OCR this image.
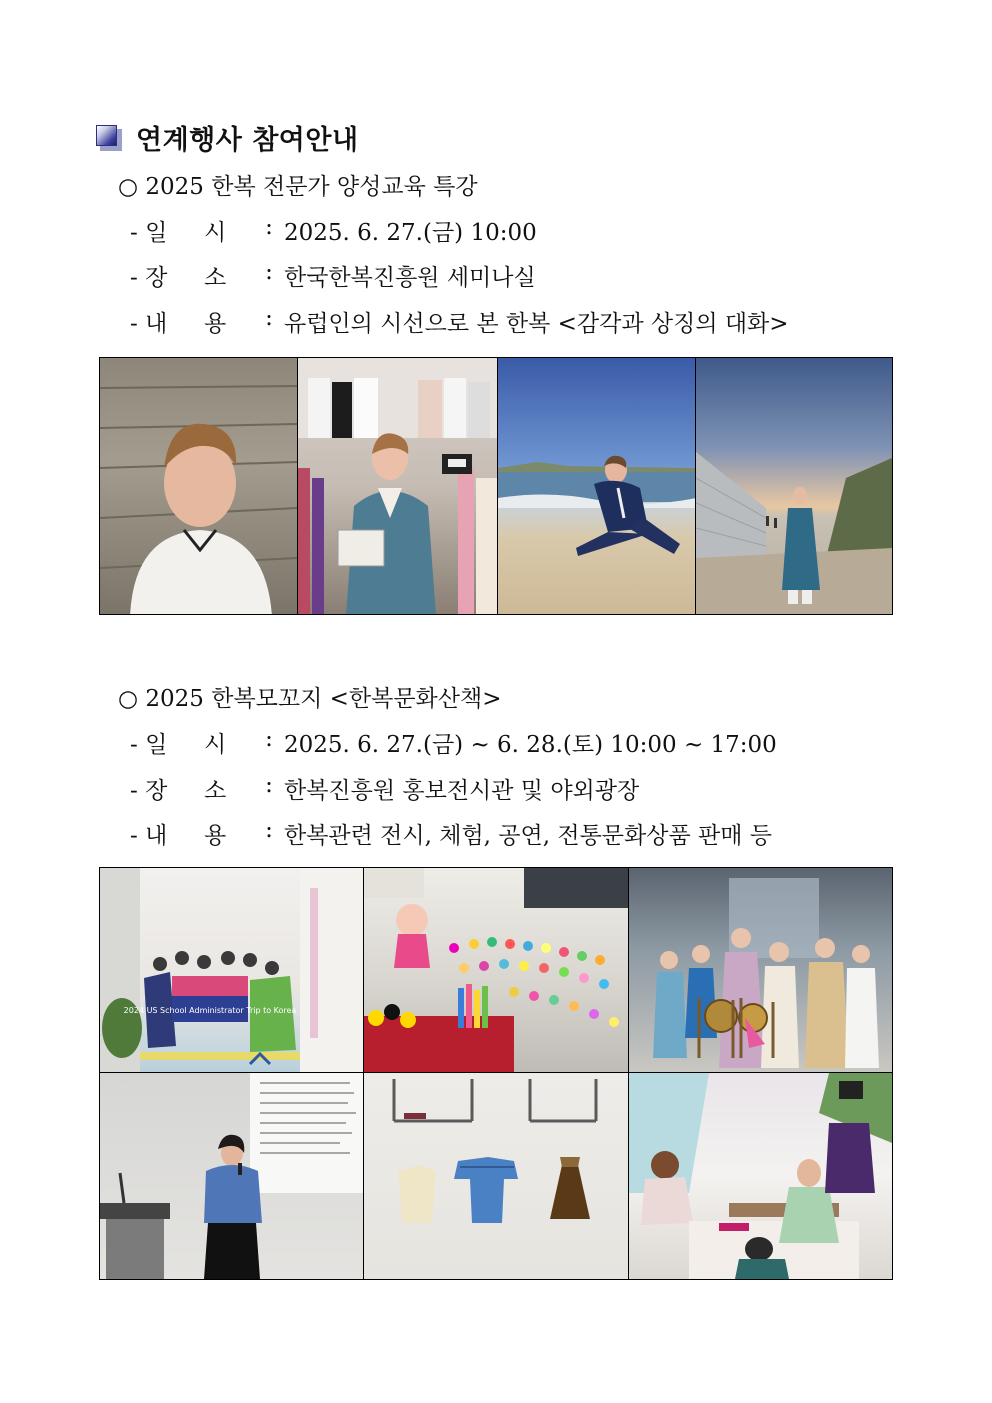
연계행사 참여안내
○ 2025 한복 전문가 양성교육 특강
- 일	시	: 2025. 6. 27.(금) 10:00
- 장	소	: 한국한복진흥원 세미나실
- 내	용	: 유럽인의 시선으로 본 한복 <감각과 상징의 대화>
○ 2025 한복모꼬지 <한복문화산책>
- 일	시	: 2025. 6. 27.(금) ~ 6. 28.(토) 10:00 ~ 17:00
- 장	소	: 한복진흥원 홍보전시관 및 야외광장
- 내	용	: 한복관련 전시, 체험, 공연, 전통문화상품 판매 등
2024 US School Administrator Trip to Korea
